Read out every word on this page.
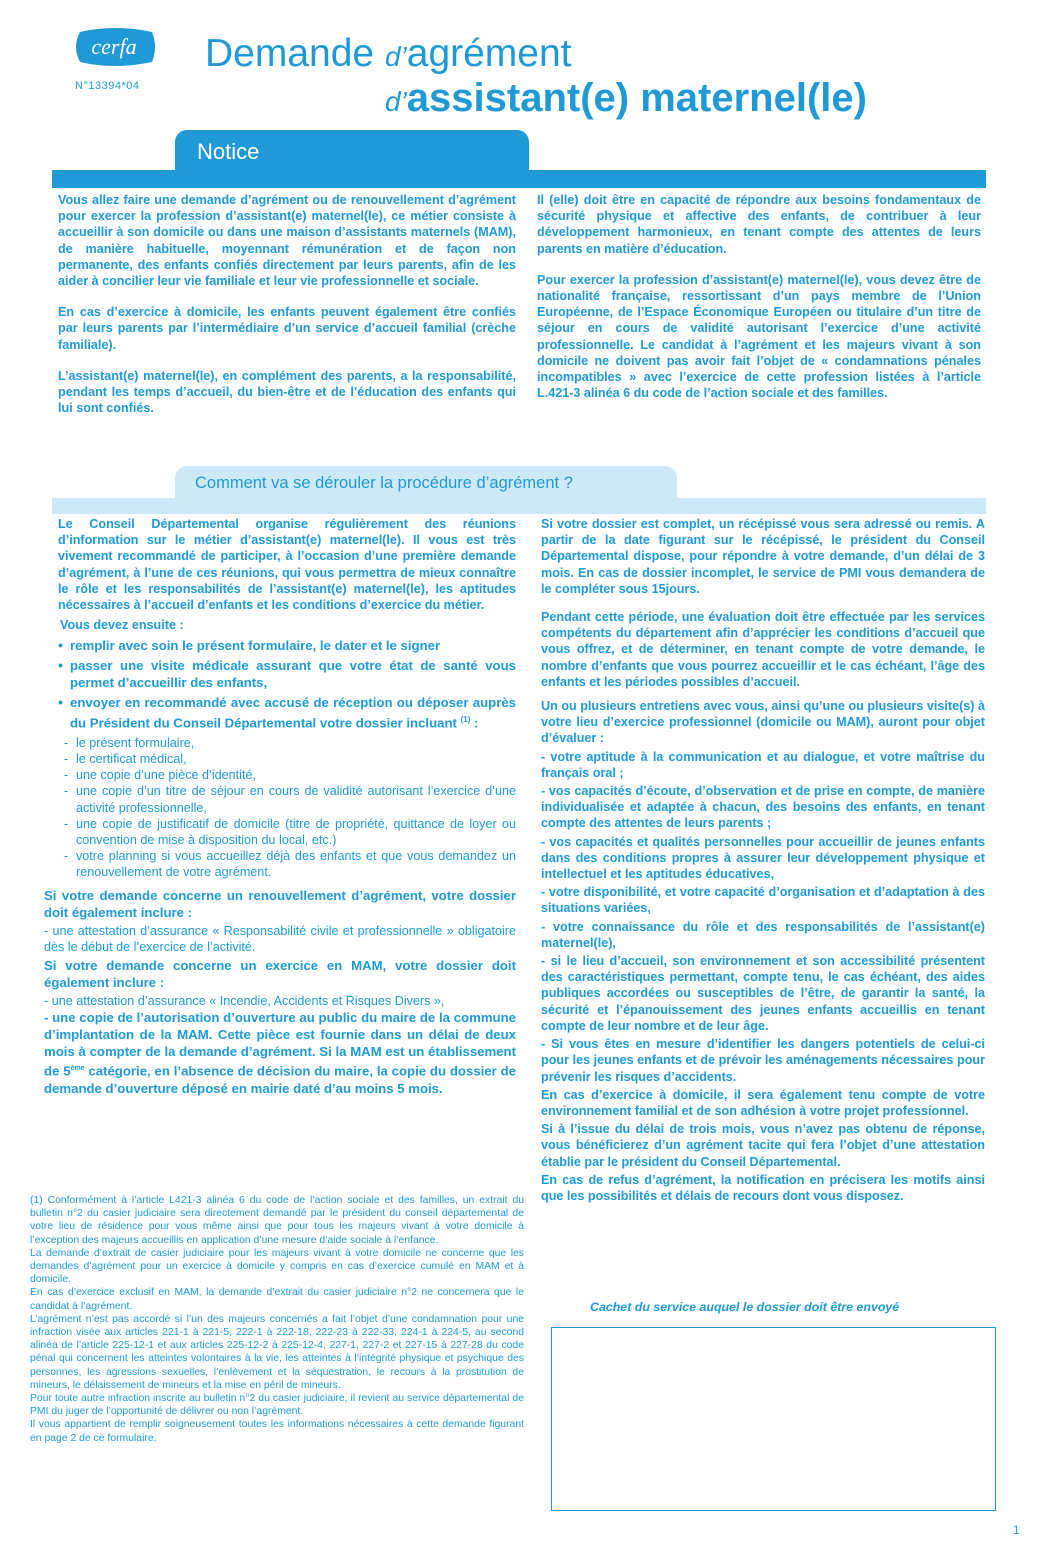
cerfa
N°13394*04
Demande d’agrément
d’assistant(e) maternel(le)
Notice

Vous allez faire une demande d’agrément ou de renouvellement d’agrément pour exercer la profession d’assistant(e) maternel(le), ce métier consiste à accueillir à son domicile ou dans une maison d’assistants maternels (MAM), de manière habituelle, moyennant rémunération et de façon non permanente, des enfants confiés directement par leurs parents, afin de les aider à concilier leur vie familiale et leur vie professionnelle et sociale.

En cas d’exercice à domicile, les enfants peuvent également être confiés par leurs parents par l’intermédiaire d’un service d’accueil familial (crèche familiale).

L’assistant(e) maternel(le), en complément des parents, a la responsabilité, pendant les temps d’accueil, du bien-être et de l’éducation des enfants qui lui sont confiés.

Il (elle) doit être en capacité de répondre aux besoins fondamentaux de sécurité physique et affective des enfants, de contribuer à leur développement harmonieux, en tenant compte des attentes de leurs parents en matière d’éducation.

Pour exercer la profession d’assistant(e) maternel(le), vous devez être de nationalité française, ressortissant d’un pays membre de l’Union Européenne, de l’Espace Économique Européen ou titulaire d’un titre de séjour en cours de validité autorisant l’exercice d’une activité professionnelle. Le candidat à l’agrément et les majeurs vivant à son domicile ne doivent pas avoir fait l’objet de « condamnations pénales incompatibles » avec l’exercice de cette profession listées à l’article L.421-3 alinéa 6 du code de l’action sociale et des familles.

Comment va se dérouler la procédure d’agrément ?

Le Conseil Départemental organise régulièrement des réunions d’information sur le métier d’assistant(e) maternel(le). Il vous est très vivement recommandé de participer, à l’occasion d’une première demande d’agrément, à l’une de ces réunions, qui vous permettra de mieux connaître le rôle et les responsabilités de l’assistant(e) maternel(le), les aptitudes nécessaires à l’accueil d’enfants et les conditions d’exercice du métier.

Vous devez ensuite :
• remplir avec soin le présent formulaire, le dater et le signer
• passer une visite médicale assurant que votre état de santé vous permet d’accueillir des enfants,
• envoyer en recommandé avec accusé de réception ou déposer auprès du Président du Conseil Départemental votre dossier incluant $^{(1)}$ :
- le présent formulaire,
- le certificat médical,
- une copie d’une pièce d’identité,
- une copie d’un titre de séjour en cours de validité autorisant l’exercice d’une activité professionnelle,
- une copie de justificatif de domicile (titre de propriété, quittance de loyer ou convention de mise à disposition du local, etc.)
- votre planning si vous accueillez déjà des enfants et que vous demandez un renouvellement de votre agrément.
Si votre demande concerne un renouvellement d’agrément, votre dossier doit également inclure :
- une attestation d’assurance « Responsabilité civile et professionnelle » obligatoire dès le début de l’exercice de l’activité.
Si votre demande concerne un exercice en MAM, votre dossier doit également inclure :
- une attestation d’assurance « Incendie, Accidents et Risques Divers »,
- une copie de l’autorisation d’ouverture au public du maire de la commune d’implantation de la MAM. Cette pièce est fournie dans un délai de deux mois à compter de la demande d’agrément. Si la MAM est un établissement de 5ème catégorie, en l’absence de décision du maire, la copie du dossier de demande d’ouverture déposé en mairie daté d’au moins 5 mois.

(1) Conformément à l’article L421-3 alinéa 6 du code de l’action sociale et des familles, un extrait du bulletin n°2 du casier judiciaire sera directement demandé par le président du conseil départemental de votre lieu de résidence pour vous même ainsi que pour tous les majeurs vivant à votre domicile à l’exception des majeurs accueillis en application d’une mesure d’aide sociale à l’enfance.

La demande d’extrait de casier judiciaire pour les majeurs vivant à votre domicile ne concerne que les demandes d’agrément pour un exercice à domicile y compris en cas d’exercice cumulé en MAM et à domicile.

En cas d’exercice exclusif en MAM, la demande d’extrait du casier judiciaire n°2 ne concernera que le candidat à l’agrément.

L’agrément n’est pas accordé si l’un des majeurs concernés a fait l’objet d’une condamnation pour une infraction visée aux articles 221-1 à 221-5, 222-1 à 222-18, 222-23 à 222-33, 224-1 à 224-5, au second alinéa de l’article 225-12-1 et aux articles 225-12-2 à 225-12-4, 227-1, 227-2 et 227-15 à 227-28 du code pénal qui concernent les atteintes volontaires à la vie, les atteintes à l’intégrité physique et psychique des personnes, les agressions sexuelles, l’enlèvement et la séquestration, le recours à la prostitution de mineurs, le délaissement de mineurs et la mise en péril de mineurs.

Pour toute autre infraction inscrite au bulletin n°2 du casier judiciaire, il revient au service départemental de PMI du juger de l’opportunité de délivrer ou non l’agrément.

Il vous appartient de remplir soigneusement toutes les informations nécessaires à cette demande figurant en page 2 de ce formulaire.

Si votre dossier est complet, un récépissé vous sera adressé ou remis. A partir de la date figurant sur le récépissé, le président du Conseil Départemental dispose, pour répondre à votre demande, d’un délai de 3 mois. En cas de dossier incomplet, le service de PMI vous demandera de le compléter sous 15jours.

Pendant cette période, une évaluation doit être effectuée par les services compétents du département afin d’apprécier les conditions d’accueil que vous offrez, et de déterminer, en tenant compte de votre demande, le nombre d’enfants que vous pourrez accueillir et le cas échéant, l’âge des enfants et les périodes possibles d’accueil.

Un ou plusieurs entretiens avec vous, ainsi qu’une ou plusieurs visite(s) à votre lieu d’exercice professionnel (domicile ou MAM), auront pour objet d’évaluer :

- votre aptitude à la communication et au dialogue, et votre maîtrise du français oral ;
- vos capacités d’écoute, d’observation et de prise en compte, de manière individualisée et adaptée à chacun, des besoins des enfants, en tenant compte des attentes de leurs parents ;
- vos capacités et qualités personnelles pour accueillir de jeunes enfants dans des conditions propres à assurer leur développement physique et intellectuel et les aptitudes éducatives,
- votre disponibilité, et votre capacité d’organisation et d’adaptation à des situations variées,
- votre connaissance du rôle et des responsabilités de l’assistant(e) maternel(le),
- si le lieu d’accueil, son environnement et son accessibilité présentent des caractéristiques permettant, compte tenu, le cas échéant, des aides publiques accordées ou susceptibles de l’être, de garantir la santé, la sécurité et l’épanouissement des jeunes enfants accueillis en tenant compte de leur nombre et de leur âge.
- Si vous êtes en mesure d’identifier les dangers potentiels de celui-ci pour les jeunes enfants et de prévoir les aménagements nécessaires pour prévenir les risques d’accidents.
En cas d’exercice à domicile, il sera également tenu compte de votre environnement familial et de son adhésion à votre projet professionnel.
Si à l’issue du délai de trois mois, vous n’avez pas obtenu de réponse, vous bénéficierez d’un agrément tacite qui fera l’objet d’une attestation établie par le président du Conseil Départemental.
En cas de refus d’agrément, la notification en précisera les motifs ainsi que les possibilités et délais de recours dont vous disposez.
Cachet du service auquel le dossier doit être envoyé
1
